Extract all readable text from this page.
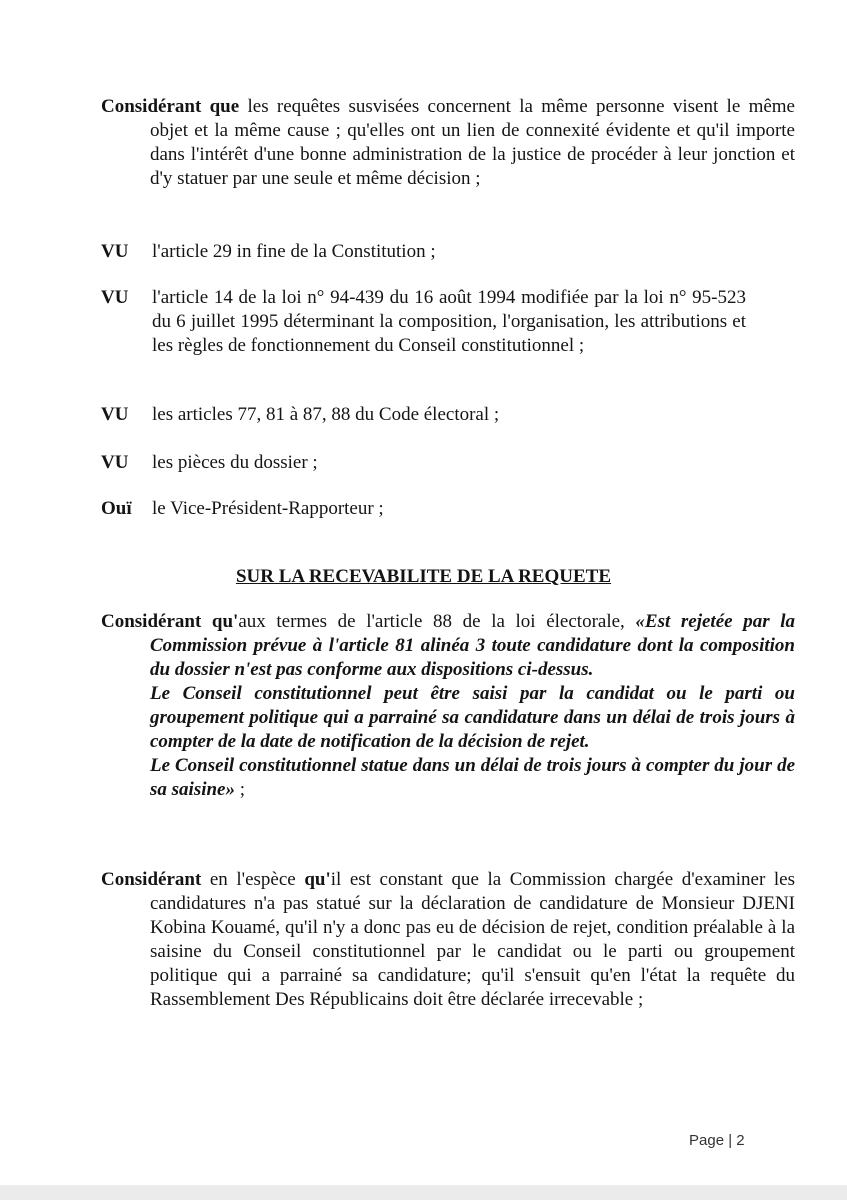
Considérant que les requêtes susvisées concernent la même personne visent le même objet et la même cause ; qu'elles ont un lien de connexité évidente et qu'il importe dans l'intérêt d'une bonne administration de la justice de procéder à leur jonction et d'y statuer par une seule et même décision ;
VU	l'article 29 in fine de la Constitution ;
VU	l'article 14 de la loi n° 94-439 du 16 août 1994 modifiée par la loi n° 95-523 du 6 juillet 1995 déterminant la composition, l'organisation, les attributions et les règles de fonctionnement du Conseil constitutionnel ;
VU	les articles 77, 81 à 87, 88 du Code électoral ;
VU	les pièces du dossier ;
Ouï	le Vice-Président-Rapporteur ;
SUR LA RECEVABILITE DE LA REQUETE
Considérant qu'aux termes de l'article 88 de la loi électorale, «Est rejetée par la Commission prévue à l'article 81 alinéa 3 toute candidature dont la composition du dossier n'est pas conforme aux dispositions ci-dessus.
Le Conseil constitutionnel peut être saisi par la candidat ou le parti ou groupement politique qui a parrainé sa candidature dans un délai de trois jours à compter de la date de notification de la décision de rejet.
Le Conseil constitutionnel statue dans un délai de trois jours à compter du jour de sa saisine» ;
Considérant en l'espèce qu'il est constant que la Commission chargée d'examiner les candidatures n'a pas statué sur la déclaration de candidature de Monsieur DJENI Kobina Kouamé, qu'il n'y a donc pas eu de décision de rejet, condition préalable à la saisine du Conseil constitutionnel par le candidat ou le parti ou groupement politique qui a parrainé sa candidature; qu'il s'ensuit qu'en l'état la requête du Rassemblement Des Républicains doit être déclarée irrecevable ;
Page | 2
